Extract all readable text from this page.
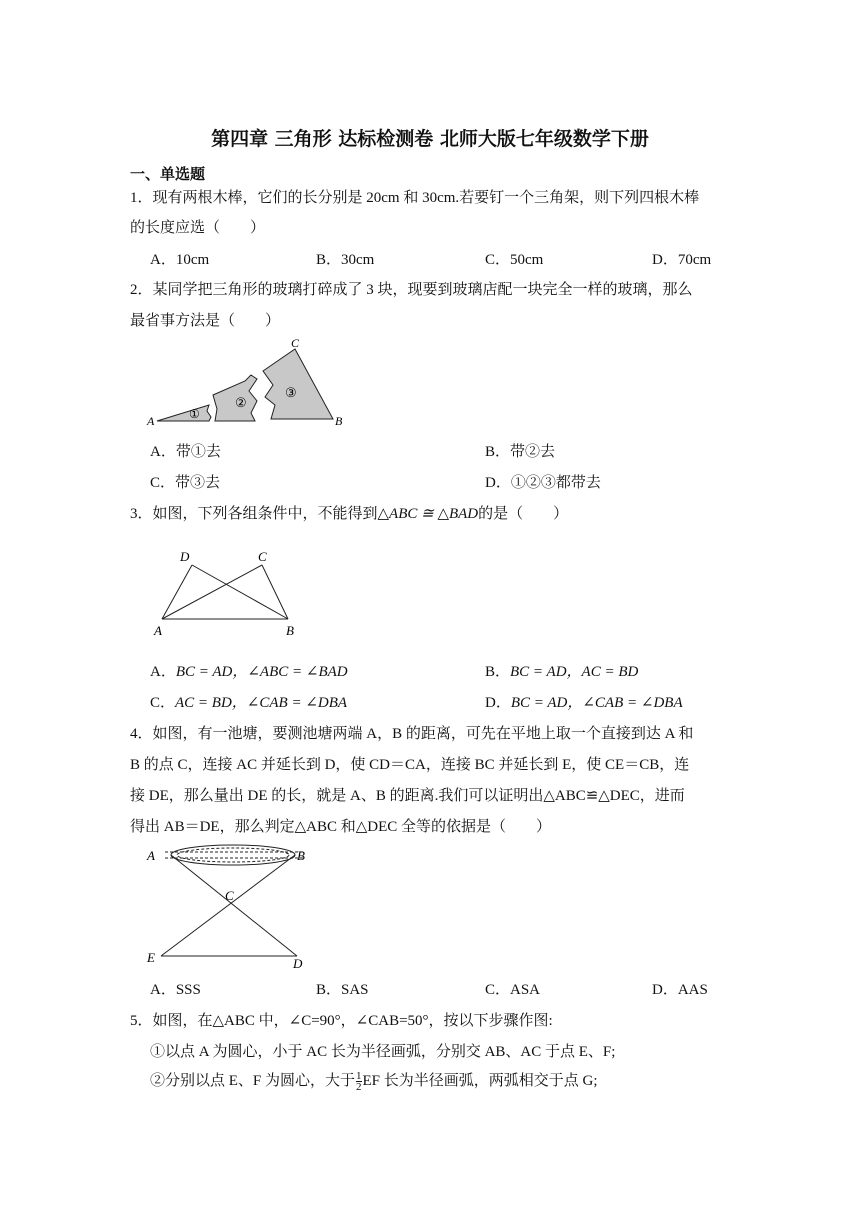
第四章 三角形 达标检测卷 北师大版七年级数学下册
一、单选题
1．现有两根木棒，它们的长分别是 20cm 和 30cm.若要钉一个三角架，则下列四根木棒
的长度应选（　　）
A．10cm	B．30cm	C．50cm	D．70cm
2．某同学把三角形的玻璃打碎成了 3 块，现要到玻璃店配一块完全一样的玻璃，那么
最省事方法是（　　）
A	B
C
①
②
③
A．带①去	B．带②去
C．带③去	D．①②③都带去
3．如图，下列各组条件中，不能得到△ABC ≅ △BAD的是（　　）
D	C
A	B
A．BC = AD，∠ABC = ∠BAD	B．BC = AD，AC = BD
C．AC = BD，∠CAB = ∠DBA	D．BC = AD，∠CAB = ∠DBA
4．如图，有一池塘，要测池塘两端 A，B 的距离，可先在平地上取一个直接到达 A 和
B 的点 C，连接 AC 并延长到 D，使 CD＝CA，连接 BC 并延长到 E，使 CE＝CB，连
接 DE，那么量出 DE 的长，就是 A、B 的距离.我们可以证明出△ABC≌△DEC，进而
得出 AB＝DE，那么判定△ABC 和△DEC 全等的依据是（　　）
A	B
C
E	D
A．SSS	B．SAS	C．ASA	D．AAS
5．如图，在△ABC 中，∠C=90°，∠CAB=50°，按以下步骤作图:
①以点 A 为圆心，小于 AC 长为半径画弧，分别交 AB、AC 于点 E、F;
②分别以点 E、F 为圆心，大于 $\frac{1}{2}$ EF 长为半径画弧，两弧相交于点 G;
